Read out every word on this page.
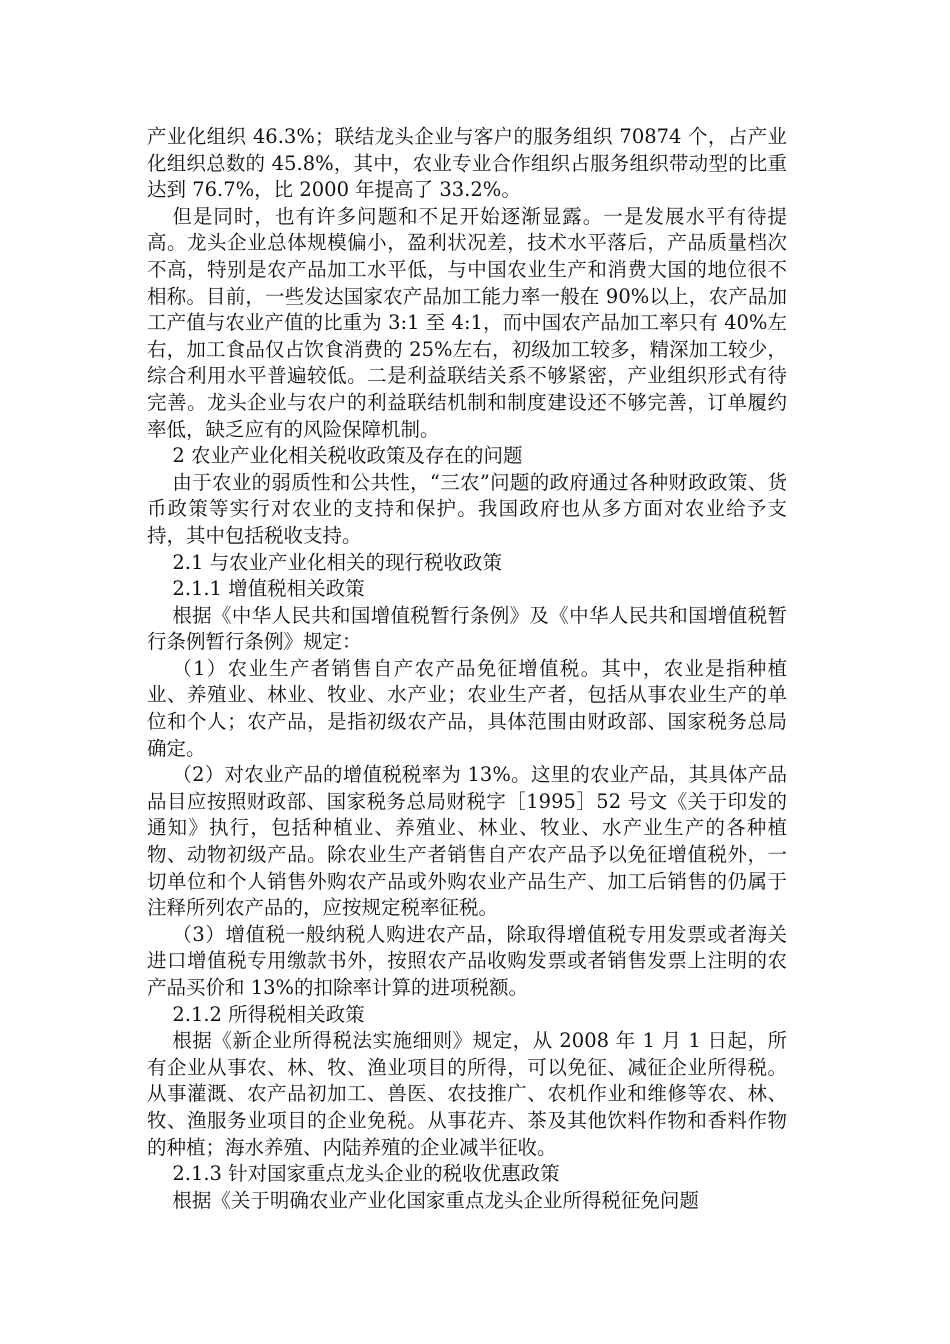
产业化组织 46.3%；联结龙头企业与客户的服务组织 70874 个，占产业化组织总数的 45.8%，其中，农业专业合作组织占服务组织带动型的比重达到 76.7%，比 2000 年提高了 33.2%。

但是同时，也有许多问题和不足开始逐渐显露。一是发展水平有待提高。龙头企业总体规模偏小，盈利状况差，技术水平落后，产品质量档次不高，特别是农产品加工水平低，与中国农业生产和消费大国的地位很不相称。目前，一些发达国家农产品加工能力率一般在 90%以上，农产品加工产值与农业产值的比重为 3:1 至 4:1，而中国农产品加工率只有 40%左右，加工食品仅占饮食消费的 25%左右，初级加工较多，精深加工较少，综合利用水平普遍较低。二是利益联结关系不够紧密，产业组织形式有待完善。龙头企业与农户的利益联结机制和制度建设还不够完善，订单履约率低，缺乏应有的风险保障机制。

2 农业产业化相关税收政策及存在的问题

由于农业的弱质性和公共性，“三农”问题的政府通过各种财政政策、货币政策等实行对农业的支持和保护。我国政府也从多方面对农业给予支持，其中包括税收支持。

2.1 与农业产业化相关的现行税收政策

2.1.1 增值税相关政策

根据《中华人民共和国增值税暂行条例》及《中华人民共和国增值税暂行条例暂行条例》规定：

（1）农业生产者销售自产农产品免征增值税。其中，农业是指种植业、养殖业、林业、牧业、水产业；农业生产者，包括从事农业生产的单位和个人；农产品，是指初级农产品，具体范围由财政部、国家税务总局确定。

（2）对农业产品的增值税税率为 13%。这里的农业产品，其具体产品品目应按照财政部、国家税务总局财税字［1995］52 号文《关于印发的通知》执行，包括种植业、养殖业、林业、牧业、水产业生产的各种植物、动物初级产品。除农业生产者销售自产农产品予以免征增值税外，一切单位和个人销售外购农产品或外购农业产品生产、加工后销售的仍属于注释所列农产品的，应按规定税率征税。

（3）增值税一般纳税人购进农产品，除取得增值税专用发票或者海关进口增值税专用缴款书外，按照农产品收购发票或者销售发票上注明的农产品买价和 13%的扣除率计算的进项税额。

2.1.2 所得税相关政策

根据《新企业所得税法实施细则》规定，从 2008 年 1 月 1 日起，所有企业从事农、林、牧、渔业项目的所得，可以免征、减征企业所得税。从事灌溉、农产品初加工、兽医、农技推广、农机作业和维修等农、林、牧、渔服务业项目的企业免税。从事花卉、茶及其他饮料作物和香料作物的种植；海水养殖、内陆养殖的企业减半征收。

2.1.3 针对国家重点龙头企业的税收优惠政策

根据《关于明确农业产业化国家重点龙头企业所得税征免问题
